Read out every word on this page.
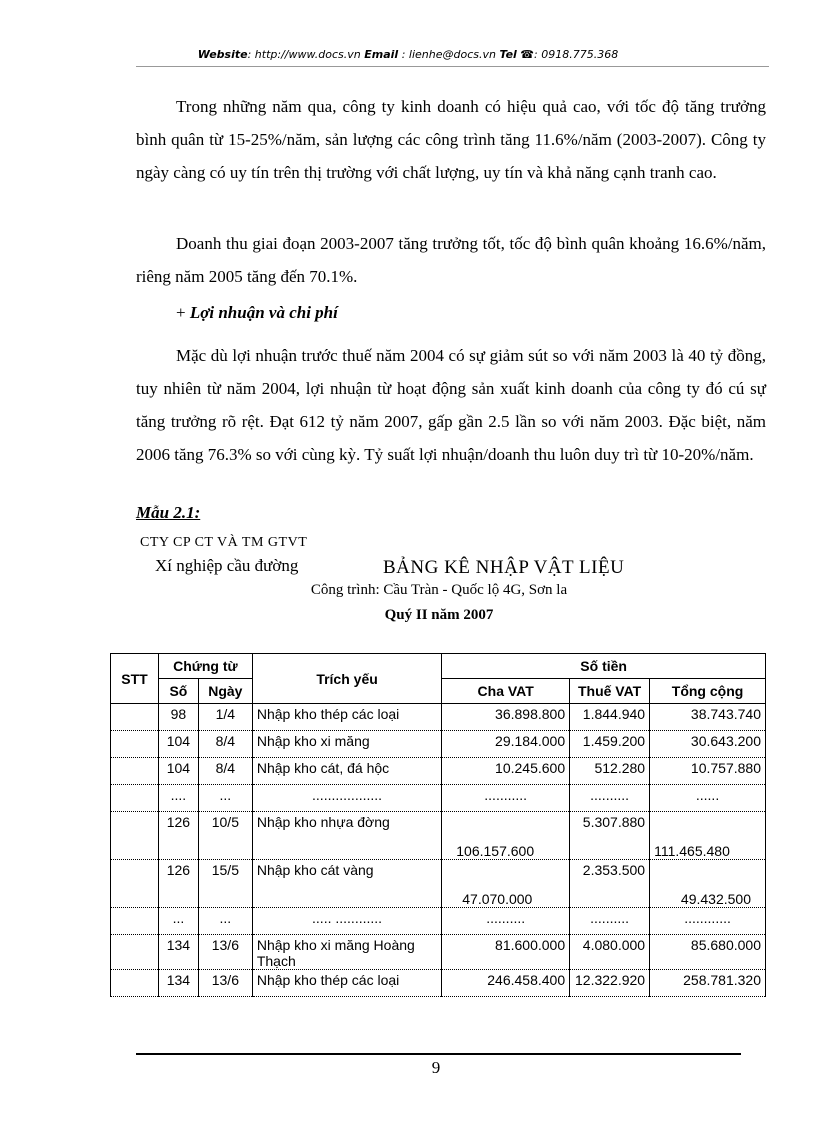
Website: http://www.docs.vn Email : lienhe@docs.vn Tel ☎: 0918.775.368

Trong những năm qua, công ty kinh doanh có hiệu quả cao, với tốc độ tăng trưởng bình quân từ 15-25%/năm, sản lượng các công trình tăng 11.6%/năm (2003-2007). Công ty ngày càng có uy tín trên thị trường với chất lượng, uy tín và khả năng cạnh tranh cao.

Doanh thu giai đoạn 2003-2007 tăng trưởng tốt, tốc độ bình quân khoảng 16.6%/năm, riêng năm 2005 tăng đến 70.1%.

+ Lợi nhuận và chi phí

Mặc dù lợi nhuận trước thuế năm 2004 có sự giảm sút so với năm 2003 là 40 tỷ đồng, tuy nhiên từ năm 2004, lợi nhuận từ hoạt động sản xuất kinh doanh của công ty đó cú sự tăng trưởng rõ rệt. Đạt 612 tỷ năm 2007, gấp gần 2.5 lần so với năm 2003. Đặc biệt, năm 2006 tăng 76.3% so với cùng kỳ. Tỷ suất lợi nhuận/doanh thu luôn duy trì từ 10-20%/năm.

Mẫu 2.1:
CTY CP CT VÀ TM GTVT
Xí nghiệp cầu đường	BẢNG KÊ NHẬP VẬT LIỆU
Công trình: Cầu Tràn - Quốc lộ 4G, Sơn la
Quý II năm 2007
STT	Chứng từ		Trích yếu	Số tiền		
	Số	Ngày		Cha VAT	Thuế VAT	Tổng cộng
	98	1/4	Nhập kho thép các loại	36.898.800	1.844.940	38.743.740
	104	8/4	Nhập kho xi măng	29.184.000	1.459.200	30.643.200
	104	8/4	Nhập kho cát, đá hộc	10.245.600	512.280	10.757.880
	....	...	..................	...........	..........	......
	126	10/5	Nhập kho nhựa đờng	106.157.600	5.307.880	111.465.480
	126	15/5	Nhập kho cát vàng	47.070.000	2.353.500	49.432.500
	...	...	..... ............	..........	..........	............
	134	13/6	Nhập kho xi măng Hoàng Thạch	81.600.000	4.080.000	85.680.000
	134	13/6	Nhập kho thép các loại	246.458.400	12.322.920	258.781.320
9
